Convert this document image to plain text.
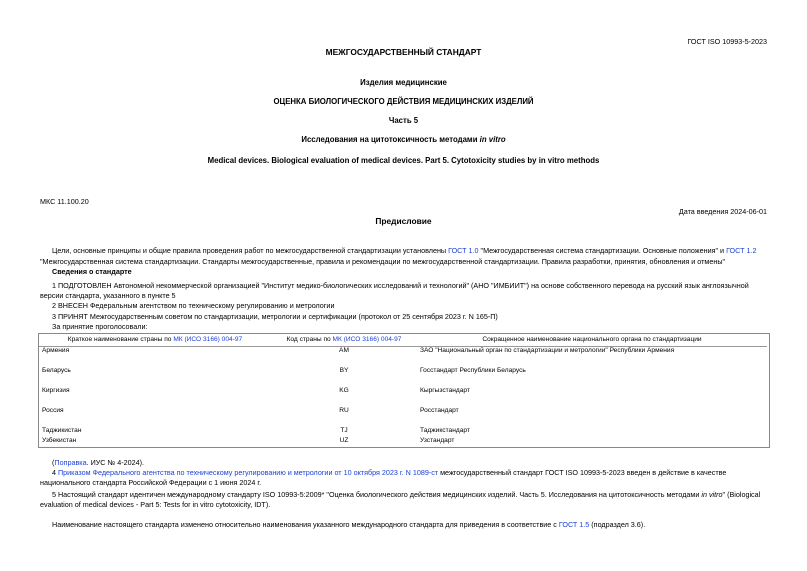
ГОСТ ISO 10993-5-2023
МЕЖГОСУДАРСТВЕННЫЙ СТАНДАРТ
Изделия медицинские
ОЦЕНКА БИОЛОГИЧЕСКОГО ДЕЙСТВИЯ МЕДИЦИНСКИХ ИЗДЕЛИЙ
Часть 5
Исследования на цитотоксичность методами in vitro
Medical devices. Biological evaluation of medical devices. Part 5. Cytotoxicity studies by in vitro methods
МКС 11.100.20
Дата введения 2024-06-01
Предисловие
Цели, основные принципы и общие правила проведения работ по межгосударственной стандартизации установлены ГОСТ 1.0 "Межгосударственная система стандартизации. Основные положения" и ГОСТ 1.2
"Межгосударственная система стандартизации. Стандарты межгосударственные, правила и рекомендации по межгосударственной стандартизации. Правила разработки, принятия, обновления и отмены"
Сведения о стандарте
1 ПОДГОТОВЛЕН Автономной некоммерческой организацией "Институт медико-биологических исследований и технологий" (АНО "ИМБИИТ") на основе собственного перевода на русский язык англоязычной
версии стандарта, указанного в пункте 5
2 ВНЕСЕН Федеральным агентством по техническому регулированию и метрологии
3 ПРИНЯТ Межгосударственным советом по стандартизации, метрологии и сертификации (протокол от 25 сентября 2023 г. N 165-П)
За принятие проголосовали:
Краткое наименование страны по МК (ИСО 3166) 004-97	Код страны по МК (ИСО 3166) 004-97	Сокращенное наименование национального органа по стандартизации
Армения	AM	ЗАО "Национальный орган по стандартизации и метрологии" Республики Армения
Беларусь	BY	Госстандарт Республики Беларусь
Киргизия	KG	Кыргызстандарт
Россия	RU	Росстандарт
Таджикистан	TJ	Таджикстандарт
Узбекистан	UZ	Узстандарт
(Поправка. ИУС № 4-2024).
4 Приказом Федерального агентства по техническому регулированию и метрологии от 10 октября 2023 г. N 1089-ст межгосударственный стандарт ГОСТ ISO 10993-5-2023 введен в действие в качестве
национального стандарта Российской Федерации с 1 июня 2024 г.
5 Настоящий стандарт идентичен международному стандарту ISO 10993-5:2009* "Оценка биологического действия медицинских изделий. Часть 5. Исследования на цитотоксичность методами in vitro" (Biological
evaluation of medical devices - Part 5: Tests for in vitro cytotoxicity, IDT).
Наименование настоящего стандарта изменено относительно наименования указанного международного стандарта для приведения в соответствие с ГОСТ 1.5 (подраздел 3.6).
